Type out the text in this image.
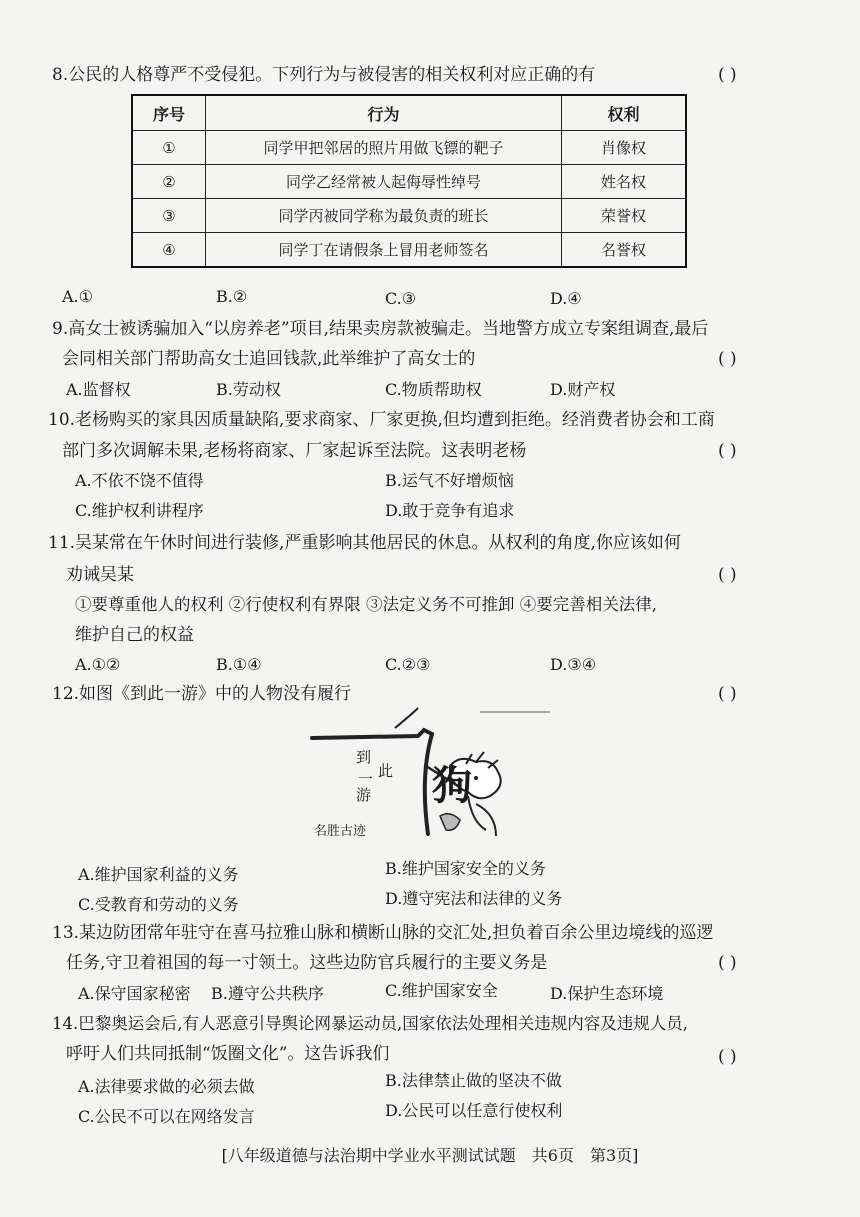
8.公民的人格尊严不受侵犯。下列行为与被侵害的相关权利对应正确的有	( )
序号	行为	权利
①	同学甲把邻居的照片用做飞镖的靶子	肖像权
②	同学乙经常被人起侮辱性绰号	姓名权
③	同学丙被同学称为最负责的班长	荣誉权
④	同学丁在请假条上冒用老师签名	名誉权
A.①	B.②	C.③	D.④
9.高女士被诱骗加入“以房养老”项目,结果卖房款被骗走。当地警方成立专案组调查,最后
会同相关部门帮助高女士追回钱款,此举维护了高女士的	( )
A.监督权	B.劳动权	C.物质帮助权	D.财产权
10.老杨购买的家具因质量缺陷,要求商家、厂家更换,但均遭到拒绝。经消费者协会和工商
部门多次调解未果,老杨将商家、厂家起诉至法院。这表明老杨	( )
A.不依不饶不值得	B.运气不好增烦恼
C.维护权利讲程序	D.敢于竞争有追求
11.吴某常在午休时间进行装修,严重影响其他居民的休息。从权利的角度,你应该如何
劝诫吴某	( )
①要尊重他人的权利 ②行使权利有界限 ③法定义务不可推卸 ④要完善相关法律,
维护自己的权益
A.①②	B.①④	C.②③	D.③④
12.如图《到此一游》中的人物没有履行	( )
到
此
一
游 狗
名胜古迹
A.维护国家利益的义务	B.维护国家安全的义务
C.受教育和劳动的义务	D.遵守宪法和法律的义务
13.某边防团常年驻守在喜马拉雅山脉和横断山脉的交汇处,担负着百余公里边境线的巡逻
任务,守卫着祖国的每一寸领土。这些边防官兵履行的主要义务是	( )
A.保守国家秘密 B.遵守公共秩序	C.维护国家安全	D.保护生态环境
14.巴黎奥运会后,有人恶意引导舆论网暴运动员,国家依法处理相关违规内容及违规人员,
呼吁人们共同抵制“饭圈文化”。这告诉我们	( )
A.法律要求做的必须去做	B.法律禁止做的坚决不做
C.公民不可以在网络发言	D.公民可以任意行使权利
[八年级道德与法治期中学业水平测试试题　共6页　第3页]
